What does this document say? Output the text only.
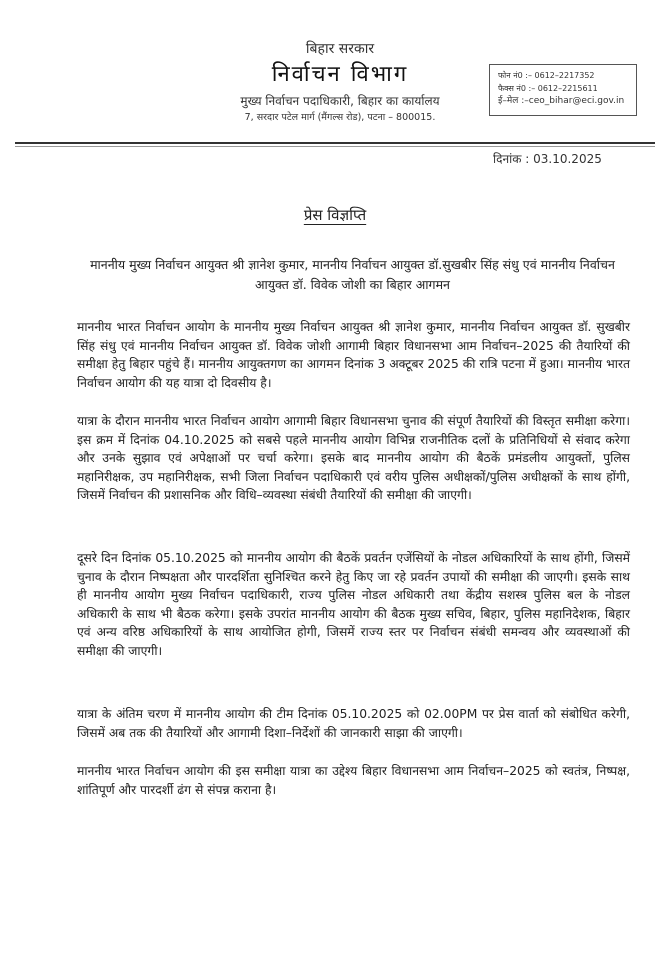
बिहार सरकार
निर्वाचन विभाग
मुख्य निर्वाचन पदाधिकारी, बिहार का कार्यालय
7, सरदार पटेल मार्ग (मैंगल्स रोड), पटना – 800015.
फोन नं0 :– 0612–2217352
फैक्स नं0 :– 0612–2215611
ई–मेल :–ceo_bihar@eci.gov.in
दिनांक : 03.10.2025
प्रेस विज्ञप्ति
माननीय मुख्य निर्वाचन आयुक्त श्री ज्ञानेश कुमार, माननीय निर्वाचन आयुक्त डॉ.सुखबीर सिंह संधु एवं माननीय निर्वाचन आयुक्त डॉ. विवेक जोशी का बिहार आगमन
माननीय भारत निर्वाचन आयोग के माननीय मुख्य निर्वाचन आयुक्त श्री ज्ञानेश कुमार, माननीय निर्वाचन आयुक्त डॉ. सुखबीर सिंह संधु एवं माननीय निर्वाचन आयुक्त डॉ. विवेक जोशी आगामी बिहार विधानसभा आम निर्वाचन–2025 की तैयारियों की समीक्षा हेतु बिहार पहुंचे हैं। माननीय आयुक्तगण का आगमन दिनांक 3 अक्टूबर 2025 की रात्रि पटना में हुआ। माननीय भारत निर्वाचन आयोग की यह यात्रा दो दिवसीय है।
यात्रा के दौरान माननीय भारत निर्वाचन आयोग आगामी बिहार विधानसभा चुनाव की संपूर्ण तैयारियों की विस्तृत समीक्षा करेगा। इस क्रम में दिनांक 04.10.2025 को सबसे पहले माननीय आयोग विभिन्न राजनीतिक दलों के प्रतिनिधियों से संवाद करेगा और उनके सुझाव एवं अपेक्षाओं पर चर्चा करेगा। इसके बाद माननीय आयोग की बैठकें प्रमंडलीय आयुक्तों, पुलिस महानिरीक्षक, उप महानिरीक्षक, सभी जिला निर्वाचन पदाधिकारी एवं वरीय पुलिस अधीक्षकों/पुलिस अधीक्षकों के साथ होंगी, जिसमें निर्वाचन की प्रशासनिक और विधि–व्यवस्था संबंधी तैयारियों की समीक्षा की जाएगी।
दूसरे दिन दिनांक 05.10.2025 को माननीय आयोग की बैठकें प्रवर्तन एजेंसियों के नोडल अधिकारियों के साथ होंगी, जिसमें चुनाव के दौरान निष्पक्षता और पारदर्शिता सुनिश्चित करने हेतु किए जा रहे प्रवर्तन उपायों की समीक्षा की जाएगी। इसके साथ ही माननीय आयोग मुख्य निर्वाचन पदाधिकारी, राज्य पुलिस नोडल अधिकारी तथा केंद्रीय सशस्त्र पुलिस बल के नोडल अधिकारी के साथ भी बैठक करेगा। इसके उपरांत माननीय आयोग की बैठक मुख्य सचिव, बिहार, पुलिस महानिदेशक, बिहार एवं अन्य वरिष्ठ अधिकारियों के साथ आयोजित होगी, जिसमें राज्य स्तर पर निर्वाचन संबंधी समन्वय और व्यवस्थाओं की समीक्षा की जाएगी।
यात्रा के अंतिम चरण में माननीय आयोग की टीम दिनांक 05.10.2025 को 02.00PM पर प्रेस वार्ता को संबोधित करेगी, जिसमें अब तक की तैयारियों और आगामी दिशा–निर्देशों की जानकारी साझा की जाएगी।
माननीय भारत निर्वाचन आयोग की इस समीक्षा यात्रा का उद्देश्य बिहार विधानसभा आम निर्वाचन–2025 को स्वतंत्र, निष्पक्ष, शांतिपूर्ण और पारदर्शी ढंग से संपन्न कराना है।
